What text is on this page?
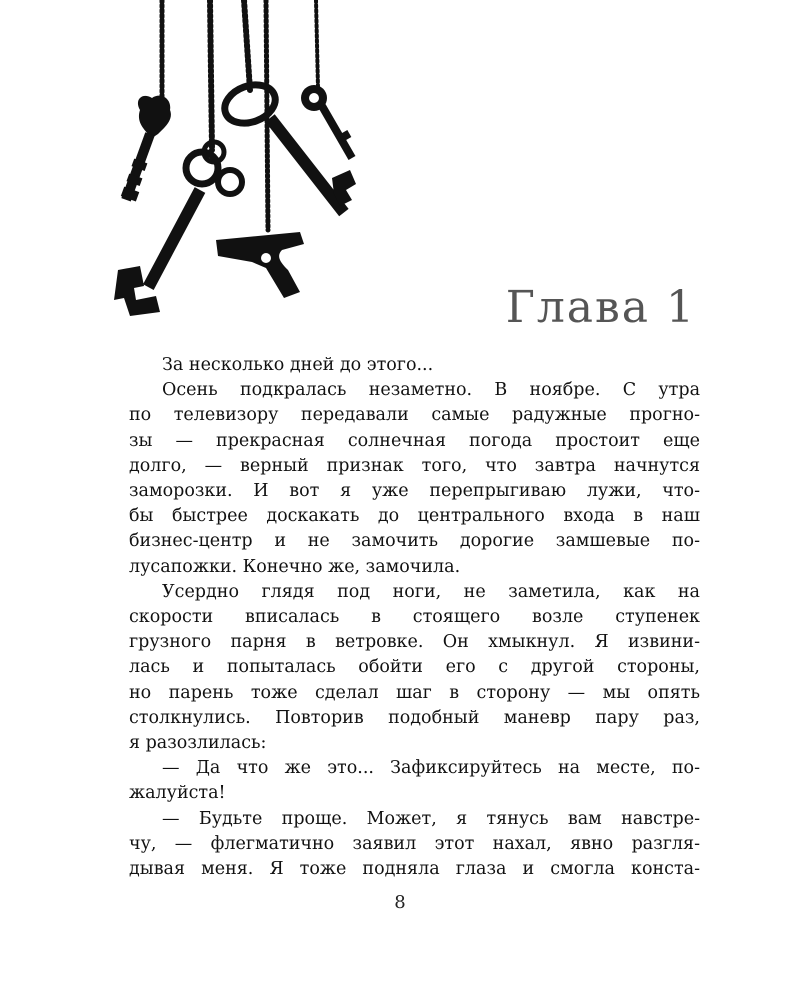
Глава 1

За несколько дней до этого...

Осень подкралась незаметно. В ноябре. С утра

по телевизору передавали самые радужные прогно-

зы — прекрасная солнечная погода простоит еще

долго, — верный признак того, что завтра начнутся

заморозки. И вот я уже перепрыгиваю лужи, что-

бы быстрее доскакать до центрального входа в наш

бизнес-центр и не замочить дорогие замшевые по-

лусапожки. Конечно же, замочила.

Усердно глядя под ноги, не заметила, как на

скорости вписалась в стоящего возле ступенек

грузного парня в ветровке. Он хмыкнул. Я извини-

лась и попыталась обойти его с другой стороны,

но парень тоже сделал шаг в сторону — мы опять

столкнулись. Повторив подобный маневр пару раз,

я разозлилась:

— Да что же это... Зафиксируйтесь на месте, по-

жалуйста!

— Будьте проще. Может, я тянусь вам навстре-

чу, — флегматично заявил этот нахал, явно разгля-

дывая меня. Я тоже подняла глаза и смогла конста-

8
